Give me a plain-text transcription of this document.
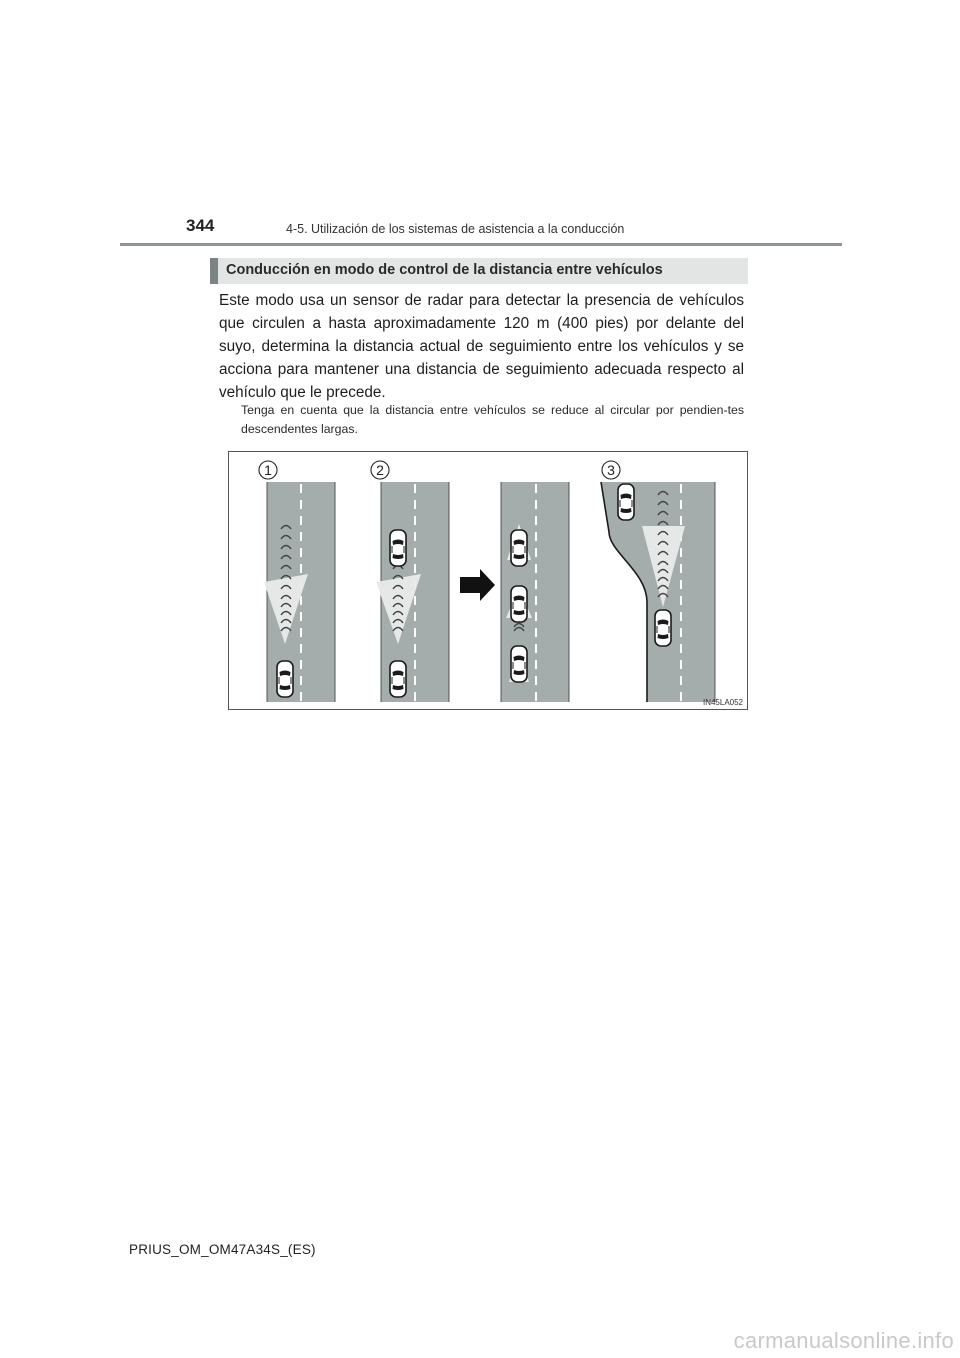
344	4-5. Utilización de los sistemas de asistencia a la conducción
Conducción en modo de control de la distancia entre vehículos

Este modo usa un sensor de radar para detectar la presencia de vehículos que circulen a hasta aproximadamente 120 m (400 pies) por delante del suyo, determina la distancia actual de seguimiento entre los vehículos y se acciona para mantener una distancia de seguimiento adecuada respecto al vehículo que le precede.

Tenga en cuenta que la distancia entre vehículos se reduce al circular por pendien-tes descendentes largas.

1	2	3
IN45LA052
PRIUS_OM_OM47A34S_(ES)
carmanualsonline.info
